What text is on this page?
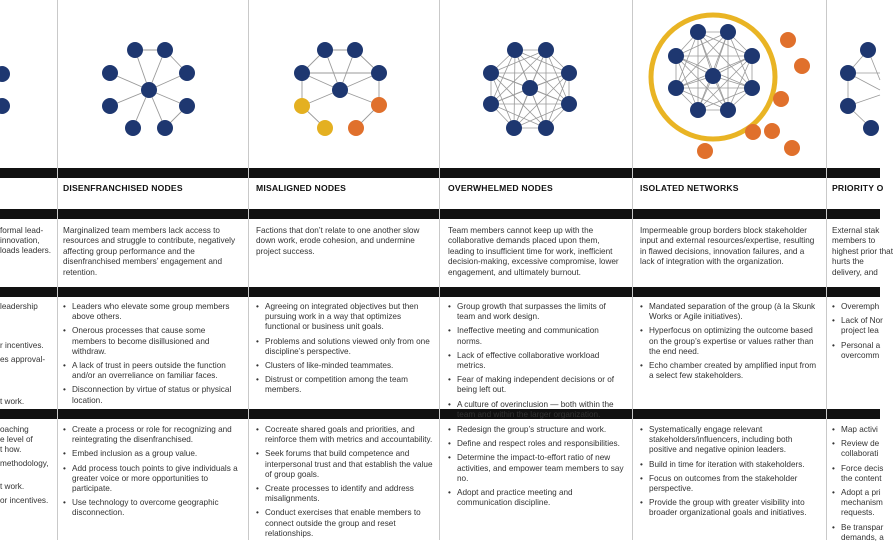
formal lead-
innovation,
loads leaders.
leadership
r incentives.
es approval-
t work.
oaching
e level of
t how.
methodology,
t work.
or incentives.
DISENFRANCHISED NODES
Marginalized team members lack access to resources and struggle to contribute, negatively affecting group performance and the disenfranchised members’ engagement and retention.
• Leaders who elevate some group members above others.
• Onerous processes that cause some members to become disillusioned and withdraw.
• A lack of trust in peers outside the function and/or an overreliance on familiar faces.
• Disconnection by virtue of status or physical location.
• Create a process or role for recognizing and reintegrating the disenfranchised.
• Embed inclusion as a group value.
• Add process touch points to give individuals a greater voice or more opportunities to participate.
• Use technology to overcome geographic disconnection.
MISALIGNED NODES
Factions that don’t relate to one another slow down work, erode cohesion, and undermine project success.
• Agreeing on integrated objectives but then pursuing work in a way that optimizes functional or business unit goals.
• Problems and solutions viewed only from one discipline’s perspective.
• Clusters of like-minded teammates.
• Distrust or competition among the team members.
• Cocreate shared goals and priorities, and reinforce them with metrics and accountability.
• Seek forums that build competence and interpersonal trust and that establish the value of group goals.
• Create processes to identify and address misalignments.
• Conduct exercises that enable members to connect outside the group and reset relationships.
OVERWHELMED NODES
Team members cannot keep up with the collaborative demands placed upon them, leading to insufficient time for work, inefficient decision-making, excessive compromise, lower engagement, and ultimately burnout.
• Group growth that surpasses the limits of team and work design.
• Ineffective meeting and communication norms.
• Lack of effective collaborative workload metrics.
• Fear of making independent decisions or of being left out.
• A culture of overinclusion — both within the team and within the larger organization.
• Redesign the group’s structure and work.
• Define and respect roles and responsibilities.
• Determine the impact-to-effort ratio of new activities, and empower team members to say no.
• Adopt and practice meeting and communication discipline.
ISOLATED NETWORKS
Impermeable group borders block stakeholder input and external resources/expertise, resulting in flawed decisions, innovation failures, and a lack of integration with the organization.
• Mandated separation of the group (à la Skunk Works or Agile initiatives).
• Hyperfocus on optimizing the outcome based on the group’s expertise or values rather than the end need.
• Echo chamber created by amplified input from a select few stakeholders.
• Systematically engage relevant stakeholders/influencers, including both positive and negative opinion leaders.
• Build in time for iteration with stakeholders.
• Focus on outcomes from the stakeholder perspective.
• Provide the group with greater visibility into broader organizational goals and initiatives.
PRIORITY O
External stak members to highest prior that hurts the delivery, and
• Overemph
• Lack of Nor project lea
• Personal a overcomm
• Map activi
• Review de collaborati
• Force decis the content
• Adopt a pri mechanism requests.
• Be transpar demands, a
